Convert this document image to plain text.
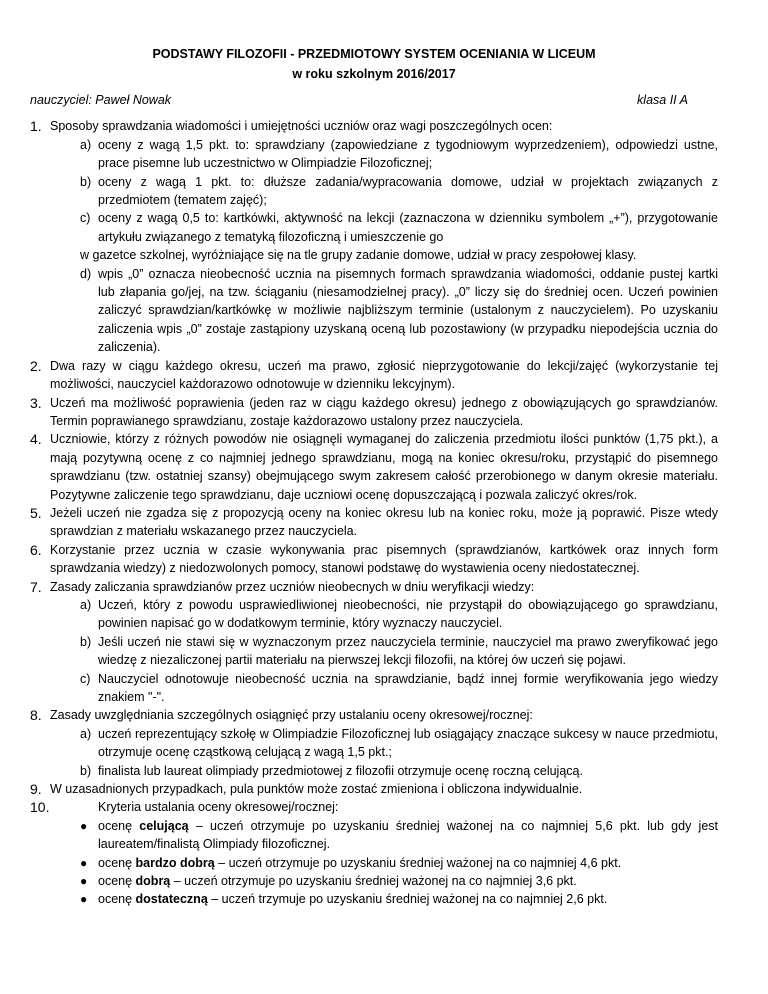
PODSTAWY FILOZOFII - PRZEDMIOTOWY SYSTEM OCENIANIA W LICEUM
w roku szkolnym 2016/2017
nauczyciel: Paweł Nowak	klasa II A
1. Sposoby sprawdzania wiadomości i umiejętności uczniów oraz wagi poszczególnych ocen:
a) oceny z wagą 1,5 pkt. to: sprawdziany (zapowiedziane z tygodniowym wyprzedzeniem), odpowiedzi ustne, prace pisemne lub uczestnictwo w Olimpiadzie Filozoficznej;
b) oceny z wagą 1 pkt. to: dłuższe zadania/wypracowania domowe, udział w projektach związanych z przedmiotem (tematem zajęć);
c) oceny z wagą 0,5 to: kartkówki, aktywność na lekcji (zaznaczona w dzienniku symbolem „+”), przygotowanie artykułu związanego z tematyką filozoficzną i umieszczenie go
w gazetce szkolnej, wyróżniające się na tle grupy zadanie domowe, udział w pracy zespołowej klasy.
d) wpis „0” oznacza nieobecność ucznia na pisemnych formach sprawdzania wiadomości, oddanie pustej kartki lub złapania go/jej, na tzw. ściąganiu (niesamodzielnej pracy). „0” liczy się do średniej ocen. Uczeń powinien zaliczyć sprawdzian/kartkówkę w możliwie najbliższym terminie (ustalonym z nauczycielem). Po uzyskaniu zaliczenia wpis „0” zostaje zastąpiony uzyskaną oceną lub pozostawiony (w przypadku niepodejścia ucznia do zaliczenia).
2. Dwa razy w ciągu każdego okresu, uczeń ma prawo, zgłosić nieprzygotowanie do lekcji/zajęć (wykorzystanie tej możliwości, nauczyciel każdorazowo odnotowuje w dzienniku lekcyjnym).
3. Uczeń ma możliwość poprawienia (jeden raz w ciągu każdego okresu) jednego z obowiązujących go sprawdzianów. Termin poprawianego sprawdzianu, zostaje każdorazowo ustalony przez nauczyciela.
4. Uczniowie, którzy z różnych powodów nie osiągnęli wymaganej do zaliczenia przedmiotu ilości punktów (1,75 pkt.), a mają pozytywną ocenę z co najmniej jednego sprawdzianu, mogą na koniec okresu/roku, przystąpić do pisemnego sprawdzianu (tzw. ostatniej szansy) obejmującego swym zakresem całość przerobionego w danym okresie materiału. Pozytywne zaliczenie tego sprawdzianu, daje uczniowi ocenę dopuszczającą i pozwala zaliczyć okres/rok.
5. Jeżeli uczeń nie zgadza się z propozycją oceny na koniec okresu lub na koniec roku, może ją poprawić. Pisze wtedy sprawdzian z materiału wskazanego przez nauczyciela.
6. Korzystanie przez ucznia w czasie wykonywania prac pisemnych (sprawdzianów, kartkówek oraz innych form sprawdzania wiedzy) z niedozwolonych pomocy, stanowi podstawę do wystawienia oceny niedostatecznej.
7. Zasady zaliczania sprawdzianów przez uczniów nieobecnych w dniu weryfikacji wiedzy:
a) Uczeń, który z powodu usprawiedliwionej nieobecności, nie przystąpił do obowiązującego go sprawdzianu, powinien napisać go w dodatkowym terminie, który wyznaczy nauczyciel.
b) Jeśli uczeń nie stawi się w wyznaczonym przez nauczyciela terminie, nauczyciel ma prawo zweryfikować jego wiedzę z niezaliczonej partii materiału na pierwszej lekcji filozofii, na której ów uczeń się pojawi.
c) Nauczyciel odnotowuje nieobecność ucznia na sprawdzianie, bądź innej formie weryfikowania jego wiedzy znakiem "-".
8. Zasady uwzględniania szczególnych osiągnięć przy ustalaniu oceny okresowej/rocznej:
a) uczeń reprezentujący szkołę w Olimpiadzie Filozoficznej lub osiągający znaczące sukcesy w nauce przedmiotu, otrzymuje ocenę cząstkową celującą z wagą 1,5 pkt.;
b) finalista lub laureat olimpiady przedmiotowej z filozofii otrzymuje ocenę roczną celującą.
9. W uzasadnionych przypadkach, pula punktów może zostać zmieniona i obliczona indywidualnie.
10.	Kryteria ustalania oceny okresowej/rocznej:
● ocenę celującą – uczeń otrzymuje po uzyskaniu średniej ważonej na co najmniej 5,6 pkt. lub gdy jest laureatem/finalistą Olimpiady filozoficznej.
● ocenę bardzo dobrą – uczeń otrzymuje po uzyskaniu średniej ważonej na co najmniej 4,6 pkt.
● ocenę dobrą – uczeń otrzymuje po uzyskaniu średniej ważonej na co najmniej 3,6 pkt.
● ocenę dostateczną – uczeń trzymuje po uzyskaniu średniej ważonej na co najmniej 2,6 pkt.
